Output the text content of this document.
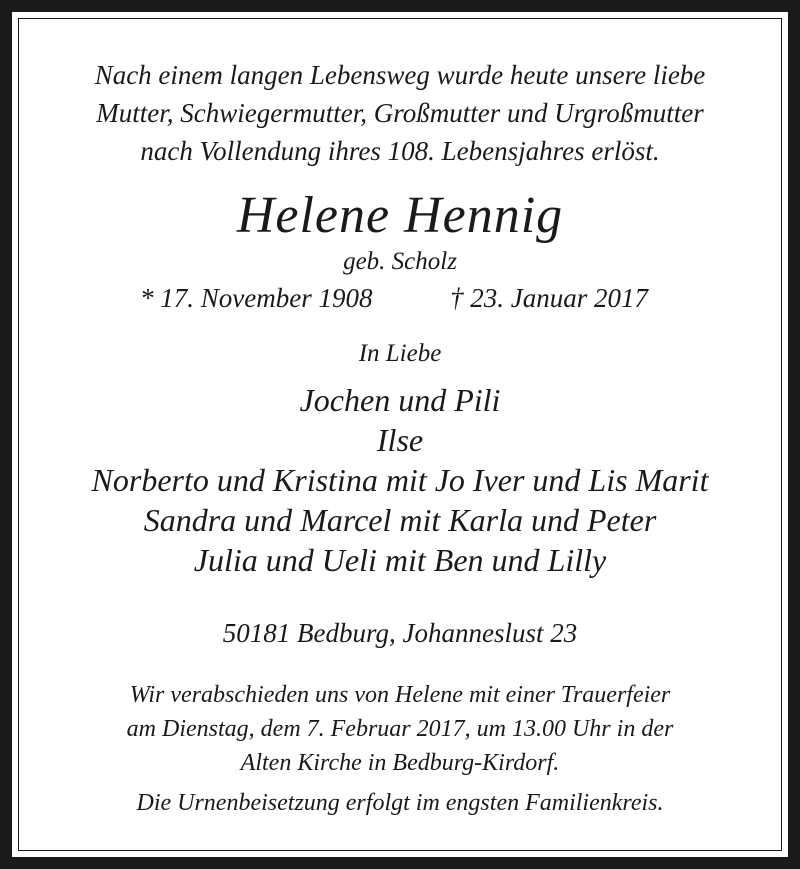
Nach einem langen Lebensweg wurde heute unsere liebe
Mutter, Schwiegermutter, Großmutter und Urgroßmutter
nach Vollendung ihres 108. Lebensjahres erlöst.
Helene Hennig
geb. Scholz
* 17. November 1908	† 23. Januar 2017
In Liebe
Jochen und Pili
Ilse
Norberto und Kristina mit Jo Iver und Lis Marit
Sandra und Marcel mit Karla und Peter
Julia und Ueli mit Ben und Lilly
50181 Bedburg, Johanneslust 23
Wir verabschieden uns von Helene mit einer Trauerfeier
am Dienstag, dem 7. Februar 2017, um 13.00 Uhr in der
Alten Kirche in Bedburg-Kirdorf.
Die Urnenbeisetzung erfolgt im engsten Familienkreis.
